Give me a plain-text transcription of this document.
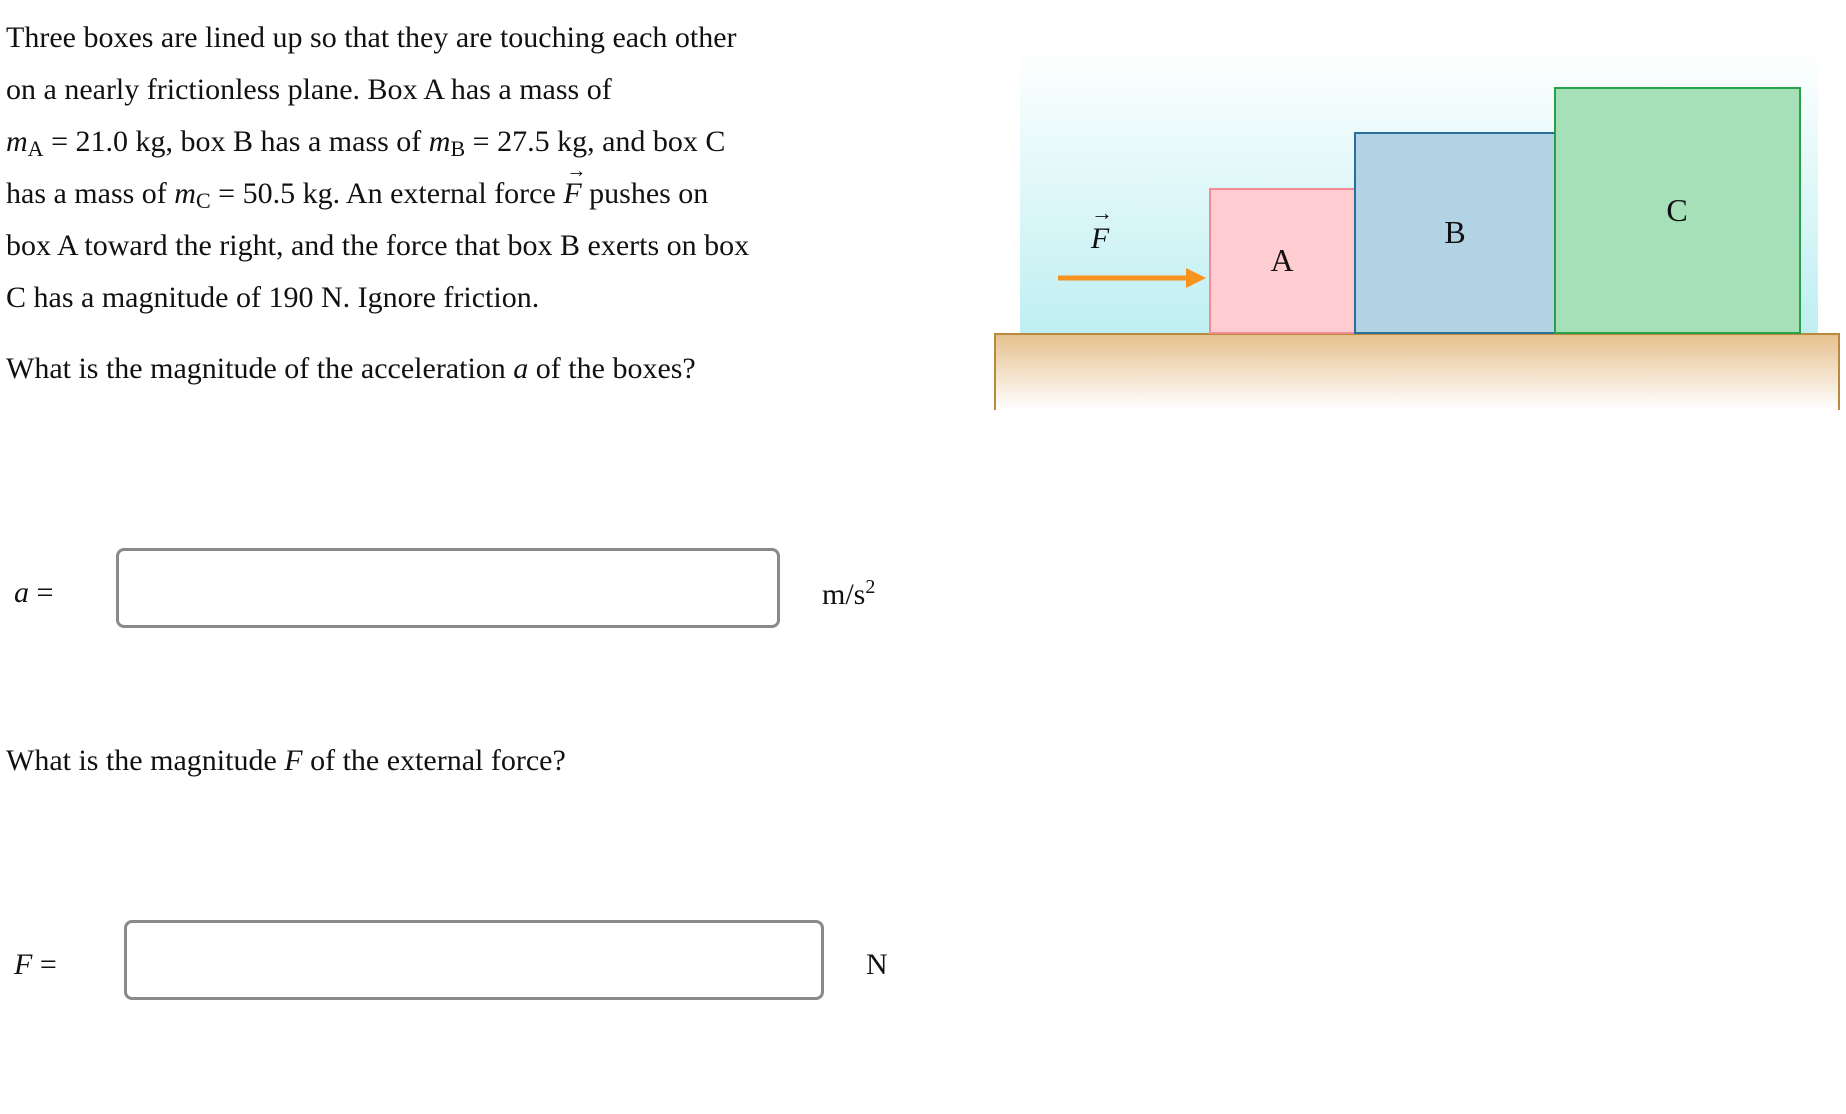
Three boxes are lined up so that they are touching each other

on a nearly frictionless plane. Box A has a mass of

$m_A = 21.0$ kg, box B has a mass of $m_B = 27.5$ kg, and box C

has a mass of $m_C = 50.5$ kg. An external force
→
F pushes on

box A toward the right, and the force that box B exerts on box

C has a magnitude of 190 N. Ignore friction.

What is the magnitude of the acceleration a of the boxes?

a =	$m/s^2$

What is the magnitude F of the external force?

F =	N
F
→
A
B
C
